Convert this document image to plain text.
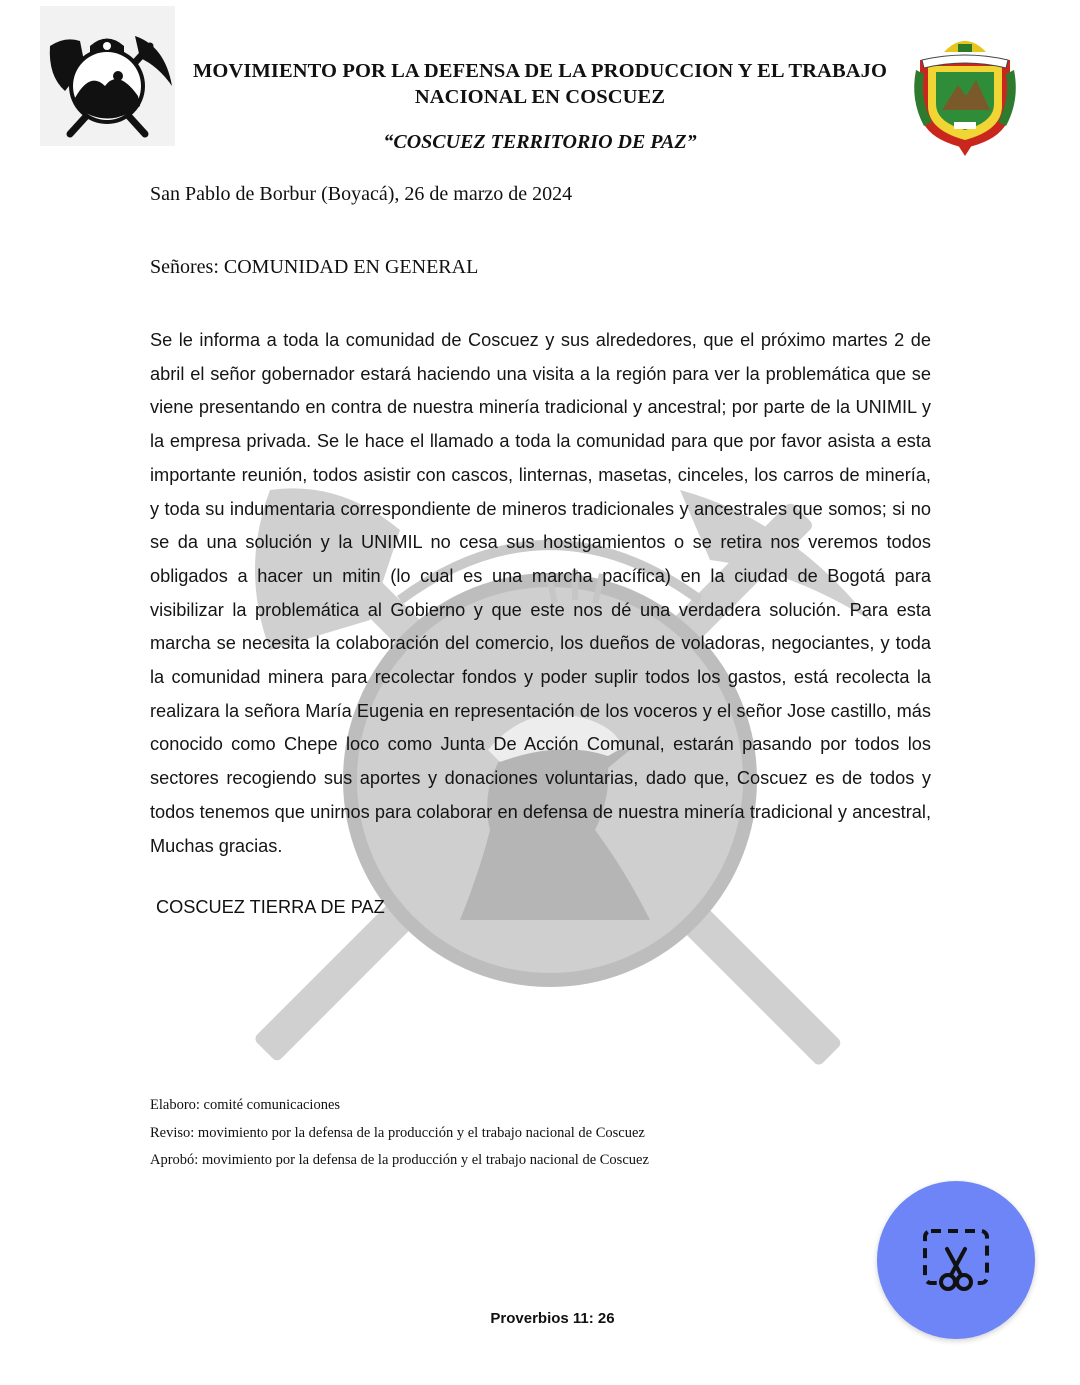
MOVIMIENTO POR LA DEFENSA DE LA PRODUCCION Y EL TRABAJO
NACIONAL EN COSCUEZ
“COSCUEZ TERRITORIO DE PAZ”
San Pablo de Borbur (Boyacá), 26 de marzo de 2024
Señores: COMUNIDAD EN GENERAL
Se le informa a toda la comunidad de Coscuez y sus alrededores, que el próximo martes 2 de abril el señor gobernador estará haciendo una visita a la región para ver la problemática que se viene presentando en contra de nuestra minería tradicional y ancestral; por parte de la UNIMIL y la empresa privada. Se le hace el llamado a toda la comunidad para que por favor asista a esta importante reunión, todos asistir con cascos, linternas, masetas, cinceles, los carros de minería, y toda su indumentaria correspondiente de mineros tradicionales y ancestrales que somos; si no se da una solución y la UNIMIL no cesa sus hostigamientos o se retira nos veremos todos obligados a hacer un mitin (lo cual es una marcha pacífica) en la ciudad de Bogotá para visibilizar la problemática al Gobierno y que este nos dé una verdadera solución. Para esta marcha se necesita la colaboración del comercio, los dueños de voladoras, negociantes, y toda la comunidad minera para recolectar fondos y poder suplir todos los gastos, está recolecta la realizara la señora María Eugenia en representación de los voceros y el señor Jose castillo, más conocido como Chepe loco como Junta De Acción Comunal, estarán pasando por todos los sectores recogiendo sus aportes y donaciones voluntarias, dado que, Coscuez es de todos y todos tenemos que unirnos para colaborar en defensa de nuestra minería tradicional y ancestral, Muchas gracias.
COSCUEZ TIERRA DE PAZ
Elaboro: comité comunicaciones
Reviso: movimiento por la defensa de la producción y el trabajo nacional de Coscuez
Aprobó: movimiento por la defensa de la producción y el trabajo nacional de Coscuez
Proverbios 11: 26
